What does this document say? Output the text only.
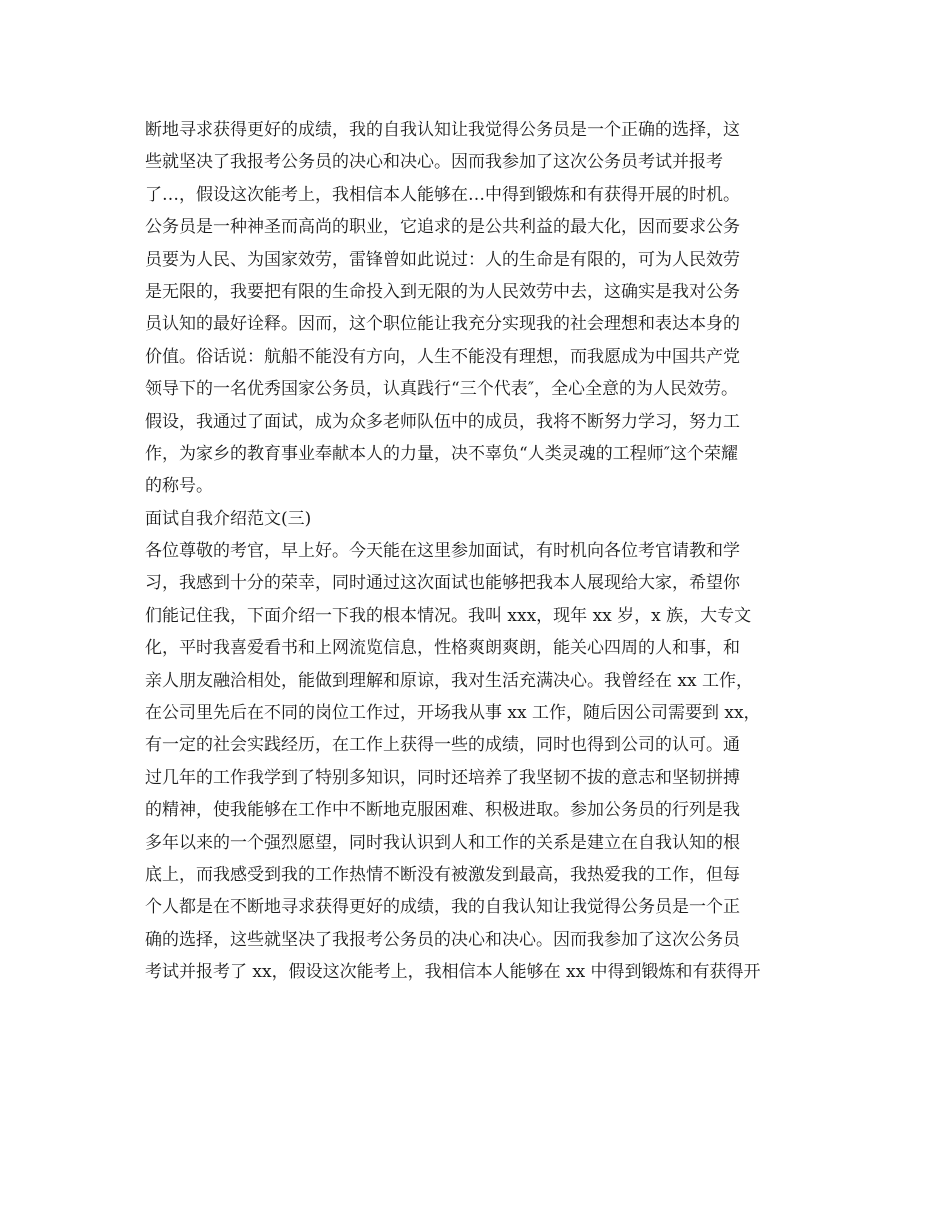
断地寻求获得更好的成绩，我的自我认知让我觉得公务员是一个正确的选择，这
些就坚决了我报考公务员的决心和决心。因而我参加了这次公务员考试并报考
了…，假设这次能考上，我相信本人能够在…中得到锻炼和有获得开展的时机。
公务员是一种神圣而高尚的职业，它追求的是公共利益的最大化，因而要求公务
员要为人民、为国家效劳，雷锋曾如此说过：人的生命是有限的，可为人民效劳
是无限的，我要把有限的生命投入到无限的为人民效劳中去，这确实是我对公务
员认知的最好诠释。因而，这个职位能让我充分实现我的社会理想和表达本身的
价值。俗话说：航船不能没有方向，人生不能没有理想，而我愿成为中国共产党
领导下的一名优秀国家公务员，认真践行“三个代表″，全心全意的为人民效劳。
假设，我通过了面试，成为众多老师队伍中的成员，我将不断努力学习，努力工
作，为家乡的教育事业奉献本人的力量，决不辜负“人类灵魂的工程师″这个荣耀
的称号。
面试自我介绍范文(三)
各位尊敬的考官，早上好。今天能在这里参加面试，有时机向各位考官请教和学
习，我感到十分的荣幸，同时通过这次面试也能够把我本人展现给大家，希望你
们能记住我，下面介绍一下我的根本情况。我叫 xxx，现年 xx 岁，x 族，大专文
化，平时我喜爱看书和上网流览信息，性格爽朗爽朗，能关心四周的人和事，和
亲人朋友融洽相处，能做到理解和原谅，我对生活充满决心。我曾经在 xx 工作，
在公司里先后在不同的岗位工作过，开场我从事 xx 工作，随后因公司需要到 xx，
有一定的社会实践经历，在工作上获得一些的成绩，同时也得到公司的认可。通
过几年的工作我学到了特别多知识，同时还培养了我坚韧不拔的意志和坚韧拼搏
的精神，使我能够在工作中不断地克服困难、积极进取。参加公务员的行列是我
多年以来的一个强烈愿望，同时我认识到人和工作的关系是建立在自我认知的根
底上，而我感受到我的工作热情不断没有被激发到最高，我热爱我的工作，但每
个人都是在不断地寻求获得更好的成绩，我的自我认知让我觉得公务员是一个正
确的选择，这些就坚决了我报考公务员的决心和决心。因而我参加了这次公务员
考试并报考了 xx，假设这次能考上，我相信本人能够在 xx 中得到锻炼和有获得开
